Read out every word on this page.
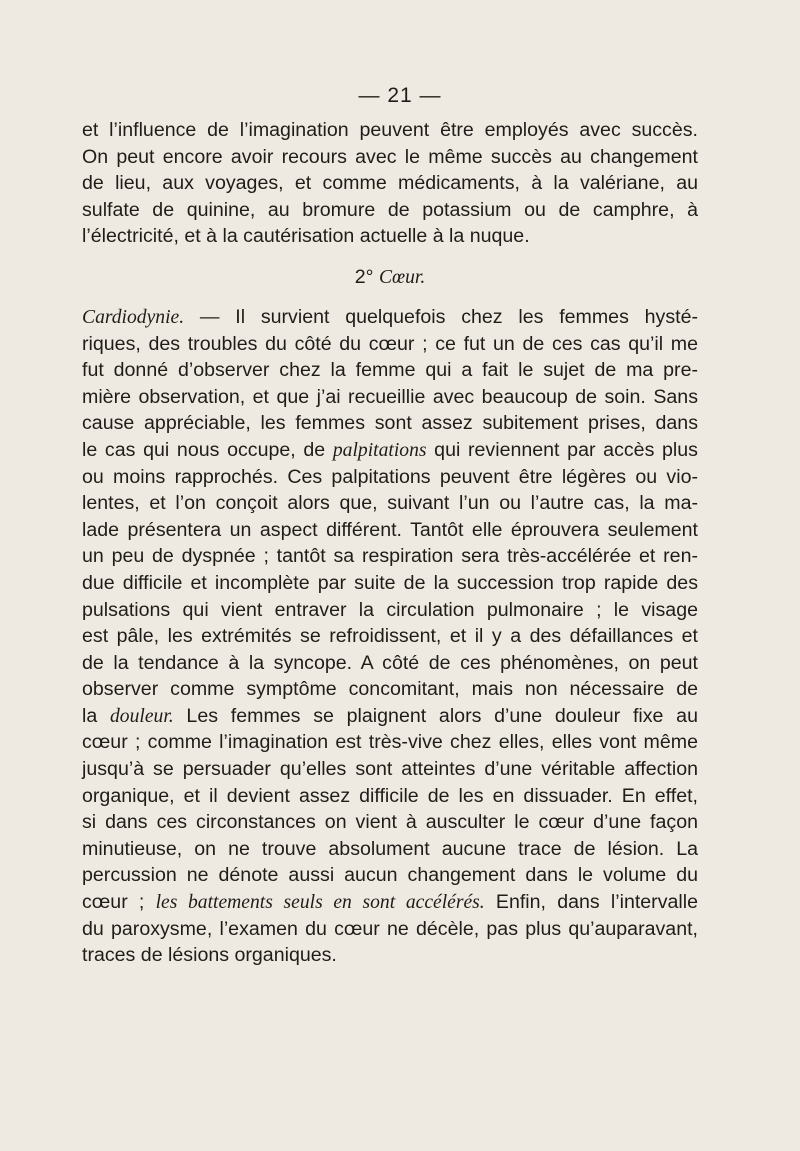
— 21 —
et l’influence de l’imagination peuvent être employés avec succès.
On peut encore avoir recours avec le même succès au changement
de lieu, aux voyages, et comme médicaments, à la valériane, au
sulfate de quinine, au bromure de potassium ou de camphre, à
l’électricité, et à la cautérisation actuelle à la nuque.
2° Cœur.
Cardiodynie. — Il survient quelquefois chez les femmes hysté-
riques, des troubles du côté du cœur ; ce fut un de ces cas qu’il me
fut donné d’observer chez la femme qui a fait le sujet de ma pre-
mière observation, et que j’ai recueillie avec beaucoup de soin. Sans
cause appréciable, les femmes sont assez subitement prises, dans
le cas qui nous occupe, de palpitations qui reviennent par accès plus
ou moins rapprochés. Ces palpitations peuvent être légères ou vio-
lentes, et l’on conçoit alors que, suivant l’un ou l’autre cas, la ma-
lade présentera un aspect différent. Tantôt elle éprouvera seulement
un peu de dyspnée ; tantôt sa respiration sera très-accélérée et ren-
due difficile et incomplète par suite de la succession trop rapide des
pulsations qui vient entraver la circulation pulmonaire ; le visage
est pâle, les extrémités se refroidissent, et il y a des défaillances et
de la tendance à la syncope. A côté de ces phénomènes, on peut
observer comme symptôme concomitant, mais non nécessaire de
la douleur. Les femmes se plaignent alors d’une douleur fixe au
cœur ; comme l’imagination est très-vive chez elles, elles vont même
jusqu’à se persuader qu’elles sont atteintes d’une véritable affection
organique, et il devient assez difficile de les en dissuader. En effet,
si dans ces circonstances on vient à ausculter le cœur d’une façon
minutieuse, on ne trouve absolument aucune trace de lésion. La
percussion ne dénote aussi aucun changement dans le volume du
cœur ; les battements seuls en sont accélérés. Enfin, dans l’intervalle
du paroxysme, l’examen du cœur ne décèle, pas plus qu’auparavant,
traces de lésions organiques.
